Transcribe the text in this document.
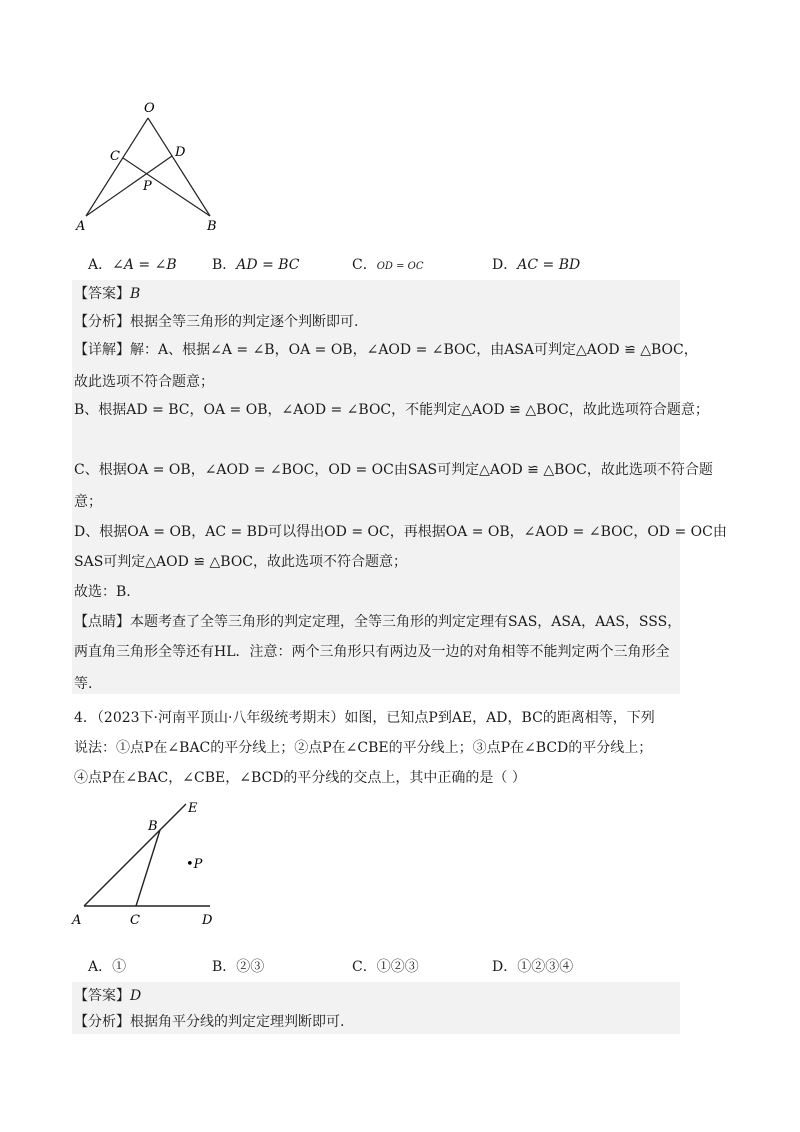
O
C	D
P
A	B
A．∠A = ∠B	B．AD = BC	C．OD = OC	D．AC = BD
【答案】B
【分析】根据全等三角形的判定逐个判断即可.
【详解】解：A、根据∠A = ∠B，OA = OB，∠AOD = ∠BOC，由ASA可判定△AOD ≌ △BOC，
故此选项不符合题意；
B、根据AD = BC，OA = OB，∠AOD = ∠BOC，不能判定△AOD ≌ △BOC，故此选项符合题意；
C、根据OA = OB，∠AOD = ∠BOC，OD = OC由SAS可判定△AOD ≌ △BOC，故此选项不符合题
意；
D、根据OA = OB，AC = BD可以得出OD = OC，再根据OA = OB，∠AOD = ∠BOC，OD = OC由
SAS可判定△AOD ≌ △BOC，故此选项不符合题意；
故选：B.
【点睛】本题考查了全等三角形的判定定理，全等三角形的判定定理有SAS，ASA，AAS，SSS，
两直角三角形全等还有HL．注意：两个三角形只有两边及一边的对角相等不能判定两个三角形全
等.
4．（2023下·河南平顶山·八年级统考期末）如图，已知点P到AE，AD，BC的距离相等，下列
说法：①点P在∠BAC的平分线上；②点P在∠CBE的平分线上；③点P在∠BCD的平分线上；
④点P在∠BAC，∠CBE，∠BCD的平分线的交点上，其中正确的是（ ）
E
B
•P
A	C	D
A．①	B．②③	C．①②③	D．①②③④
【答案】D
【分析】根据角平分线的判定定理判断即可.
